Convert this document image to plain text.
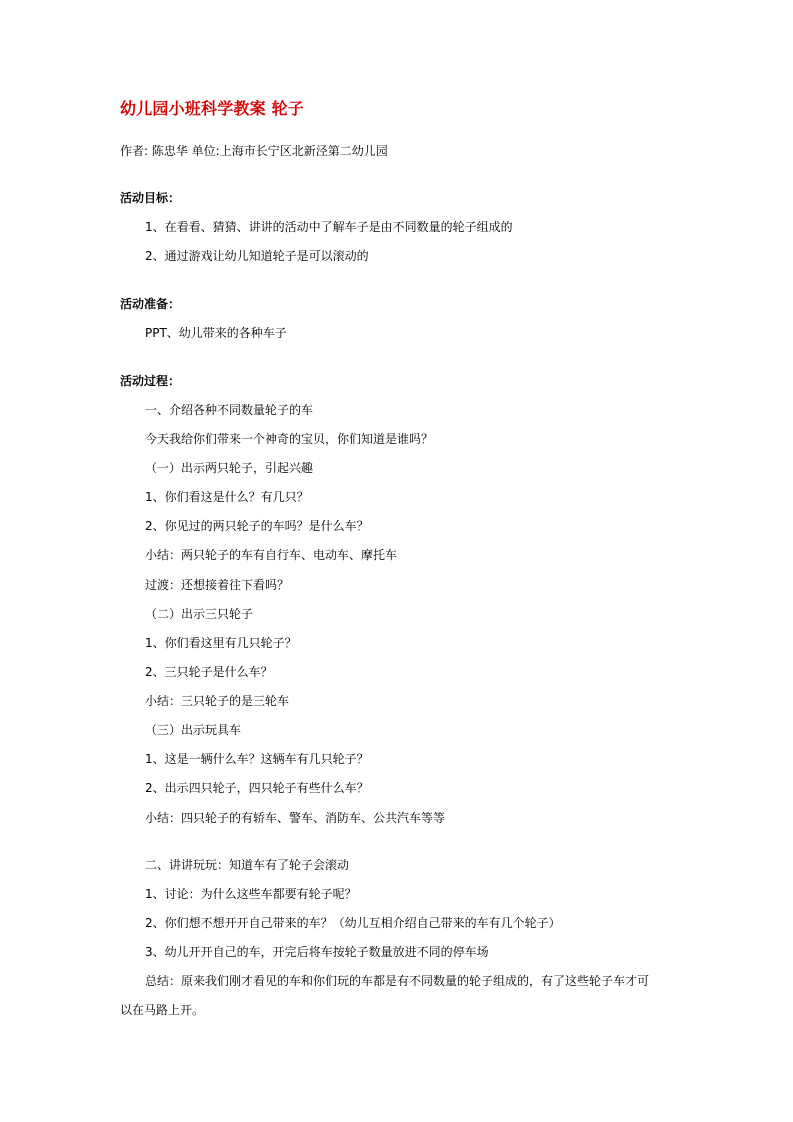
幼儿园小班科学教案 轮子
作者: 陈忠华 单位:上海市长宁区北新泾第二幼儿园
活动目标：
1、在看看、猜猜、讲讲的活动中了解车子是由不同数量的轮子组成的
2、通过游戏让幼儿知道轮子是可以滚动的
活动准备：
PPT、幼儿带来的各种车子
活动过程：
一、介绍各种不同数量轮子的车
今天我给你们带来一个神奇的宝贝，你们知道是谁吗？
（一）出示两只轮子，引起兴趣
1、你们看这是什么？有几只？
2、你见过的两只轮子的车吗？是什么车？
小结：两只轮子的车有自行车、电动车、摩托车
过渡：还想接着往下看吗？
（二）出示三只轮子
1、你们看这里有几只轮子？
2、三只轮子是什么车？
小结：三只轮子的是三轮车
（三）出示玩具车
1、这是一辆什么车？这辆车有几只轮子？
2、出示四只轮子，四只轮子有些什么车？
小结：四只轮子的有轿车、警车、消防车、公共汽车等等
二、讲讲玩玩：知道车有了轮子会滚动
1、讨论：为什么这些车都要有轮子呢？
2、你们想不想开开自己带来的车？（幼儿互相介绍自己带来的车有几个轮子）
3、幼儿开开自己的车，开完后将车按轮子数量放进不同的停车场
总结：原来我们刚才看见的车和你们玩的车都是有不同数量的轮子组成的，有了这些轮子车才可以在马路上开。
